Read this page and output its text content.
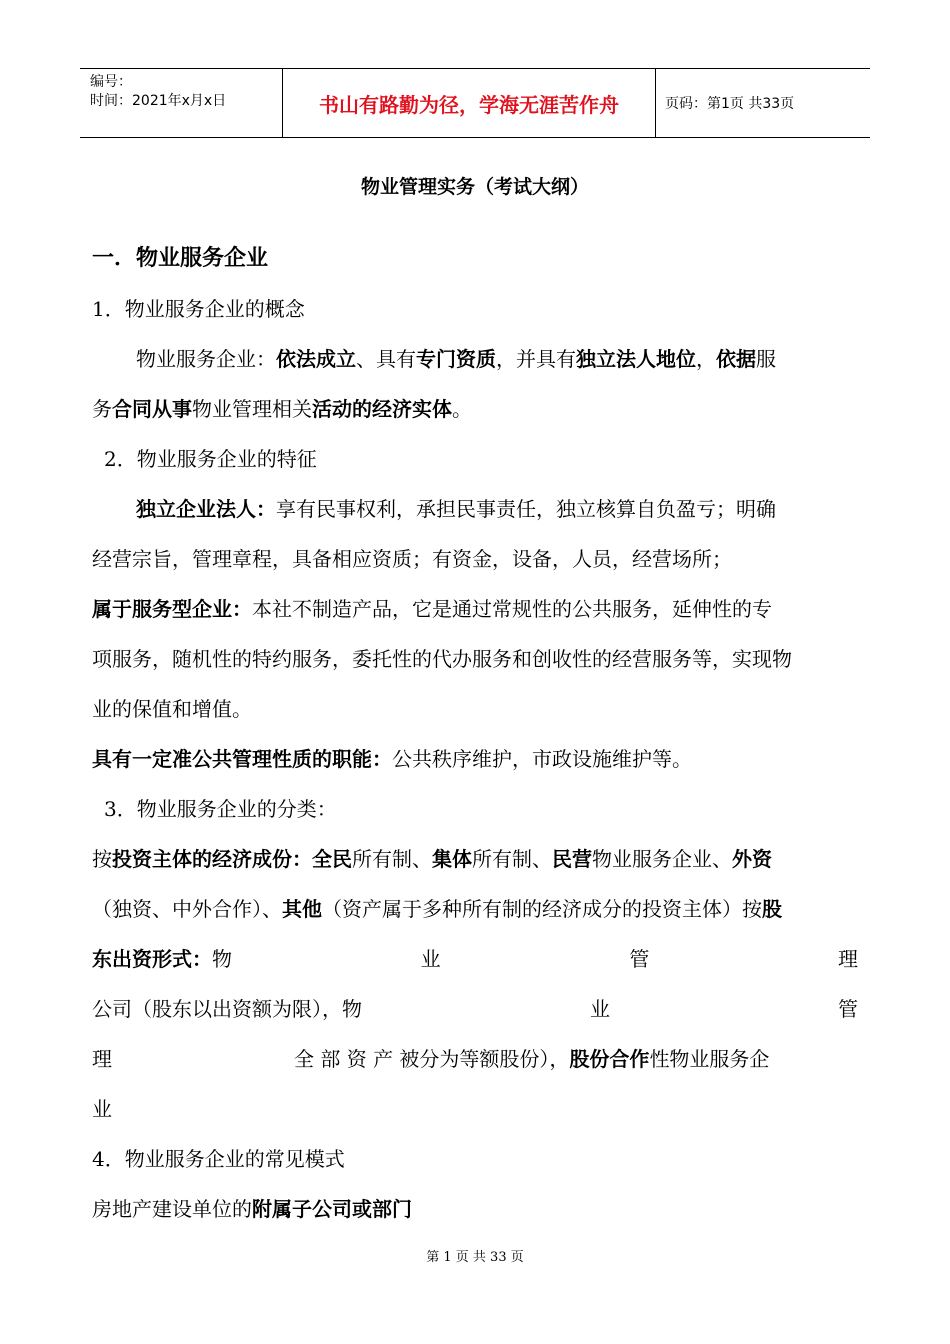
编号：
时间：2021年x月x日	书山有路勤为径，学海无涯苦作舟	页码：第1页 共33页
物业管理实务（考试大纲）
一．物业服务企业
1．物业服务企业的概念
物业服务企业：依法成立、具有专门资质，并具有独立法人地位，依据服
务合同从事物业管理相关活动的经济实体。
2．物业服务企业的特征
独立企业法人：享有民事权利，承担民事责任，独立核算自负盈亏；明确
经营宗旨，管理章程，具备相应资质；有资金，设备，人员，经营场所；
属于服务型企业：本社不制造产品，它是通过常规性的公共服务，延伸性的专
项服务，随机性的特约服务，委托性的代办服务和创收性的经营服务等，实现物
业的保值和增值。
具有一定准公共管理性质的职能：公共秩序维护，市政设施维护等。
3．物业服务企业的分类：
按投资主体的经济成份：全民所有制、集体所有制、民营物业服务企业、外资
（独资、中外合作）、其他（资产属于多种所有制的经济成分的投资主体）按股
东出资形式：物	业	管	理
公司（股东以出资额为限），物	业	管
理	全 部 资 产 被分为等额股份），股份合作性物业服务企
业
4．物业服务企业的常见模式
房地产建设单位的附属子公司或部门
第 1 页 共 33 页
